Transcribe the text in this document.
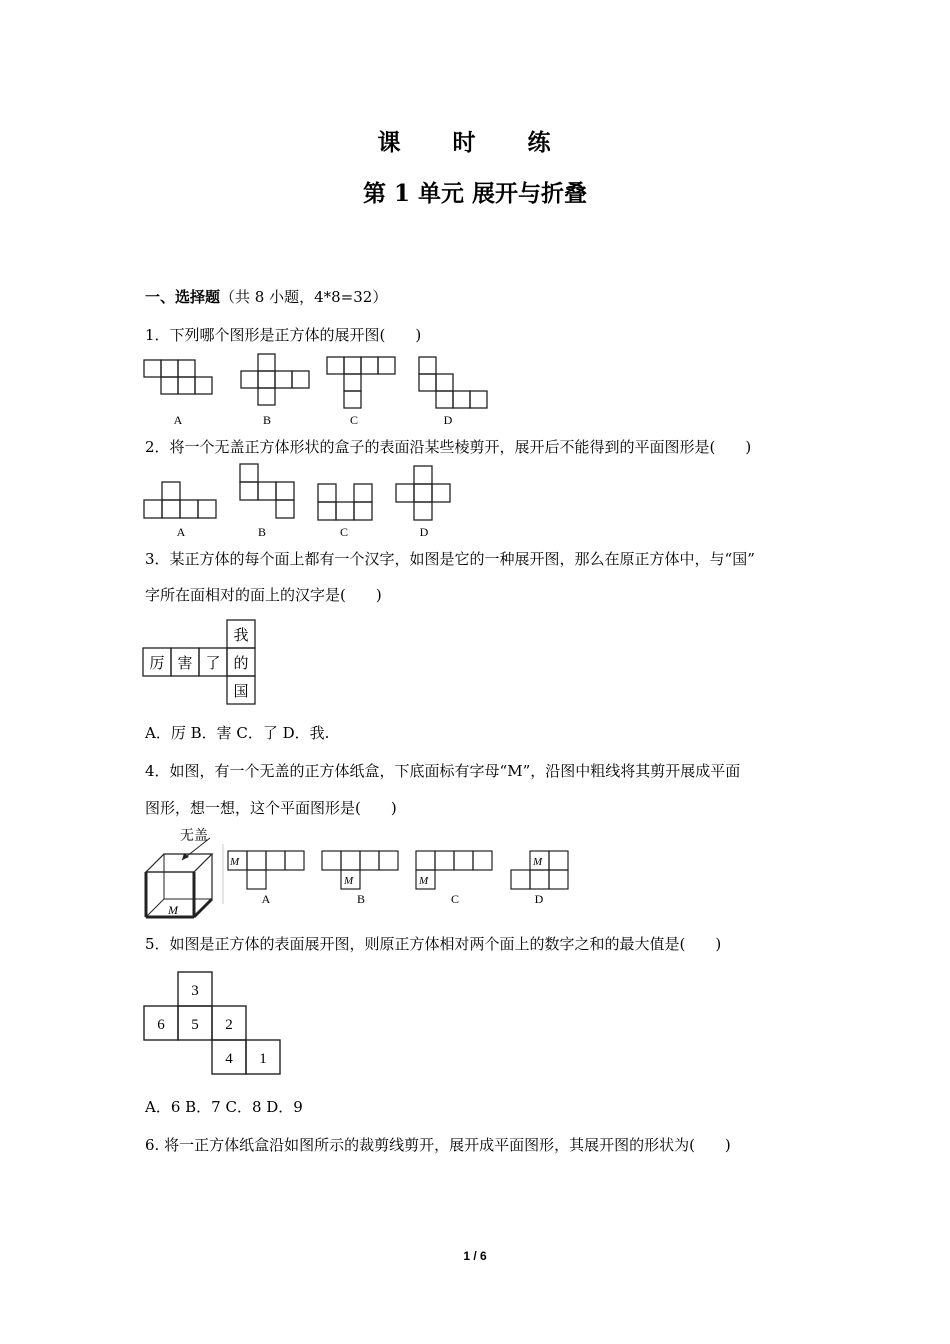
课 时 练
第 1 单元 展开与折叠
一、选择题（共 8 小题，4*8=32）
1．下列哪个图形是正方体的展开图(　　)
A	B	C	D
2．将一个无盖正方体形状的盒子的表面沿某些棱剪开，展开后不能得到的平面图形是(　　)
A	B	C	D
3．某正方体的每个面上都有一个汉字，如图是它的一种展开图，那么在原正方体中，与“国”
字所在面相对的面上的汉字是(　　)
厉 害 了
我
的
国
A．厉 B．害 C．了 D．我.
4．如图，有一个无盖的正方体纸盒，下底面标有字母“M”，沿图中粗线将其剪开展成平面
图形，想一想，这个平面图形是(　　)
无盖
M
M
M	M
M
A	B	C	D
5．如图是正方体的表面展开图，则原正方体相对两个面上的数字之和的最大值是(　　)
3
6 5 2
4 1
A．6 B．7 C．8 D．9
6. 将一正方体纸盒沿如图所示的裁剪线剪开，展开成平面图形，其展开图的形状为(　　)
1 / 6
